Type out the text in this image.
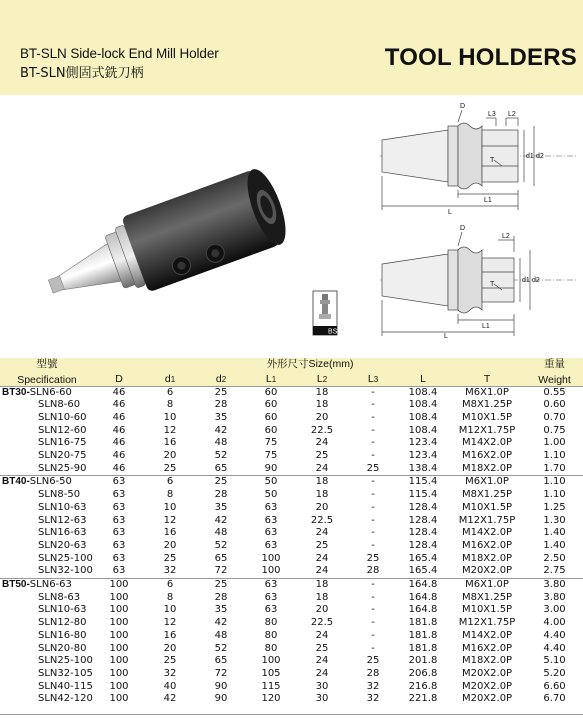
BT-SLN Side-lock End Mill Holder
BT-SLN側固式銑刀柄
TOOL HOLDERS
BS
D
L3 L2
d1 d2
T
L1
L
D
L2
d1 d2
T
L1
L
型號	外形尺寸Size(mm)								重量
Specification	D	d1	d2	L1	L2	L3	L	T	Weight
BT30-SLN6-60	46	6	25	60	18	-	108.4	M6X1.0P	0.55
SLN8-60	46	8	28	60	18	-	108.4	M8X1.25P	0.60
SLN10-60	46	10	35	60	20	-	108.4	M10X1.5P	0.70
SLN12-60	46	12	42	60	22.5	-	108.4	M12X1.75P	0.75
SLN16-75	46	16	48	75	24	-	123.4	M14X2.0P	1.00
SLN20-75	46	20	52	75	25	-	123.4	M16X2.0P	1.10
SLN25-90	46	25	65	90	24	25	138.4	M18X2.0P	1.70
BT40-SLN6-50	63	6	25	50	18	-	115.4	M6X1.0P	1.10
SLN8-50	63	8	28	50	18	-	115.4	M8X1.25P	1.10
SLN10-63	63	10	35	63	20	-	128.4	M10X1.5P	1.25
SLN12-63	63	12	42	63	22.5	-	128.4	M12X1.75P	1.30
SLN16-63	63	16	48	63	24	-	128.4	M14X2.0P	1.40
SLN20-63	63	20	52	63	25	-	128.4	M16X2.0P	1.40
SLN25-100	63	25	65	100	24	25	165.4	M18X2.0P	2.50
SLN32-100	63	32	72	100	24	28	165.4	M20X2.0P	2.75
BT50-SLN6-63	100	6	25	63	18	-	164.8	M6X1.0P	3.80
SLN8-63	100	8	28	63	18	-	164.8	M8X1.25P	3.80
SLN10-63	100	10	35	63	20	-	164.8	M10X1.5P	3.00
SLN12-80	100	12	42	80	22.5	-	181.8	M12X1.75P	4.00
SLN16-80	100	16	48	80	24	-	181.8	M14X2.0P	4.40
SLN20-80	100	20	52	80	25	-	181.8	M16X2.0P	4.40
SLN25-100	100	25	65	100	24	25	201.8	M18X2.0P	5.10
SLN32-105	100	32	72	105	24	28	206.8	M20X2.0P	5.20
SLN40-115	100	40	90	115	30	32	216.8	M20X2.0P	6.60
SLN42-120	100	42	90	120	30	32	221.8	M20X2.0P	6.70
